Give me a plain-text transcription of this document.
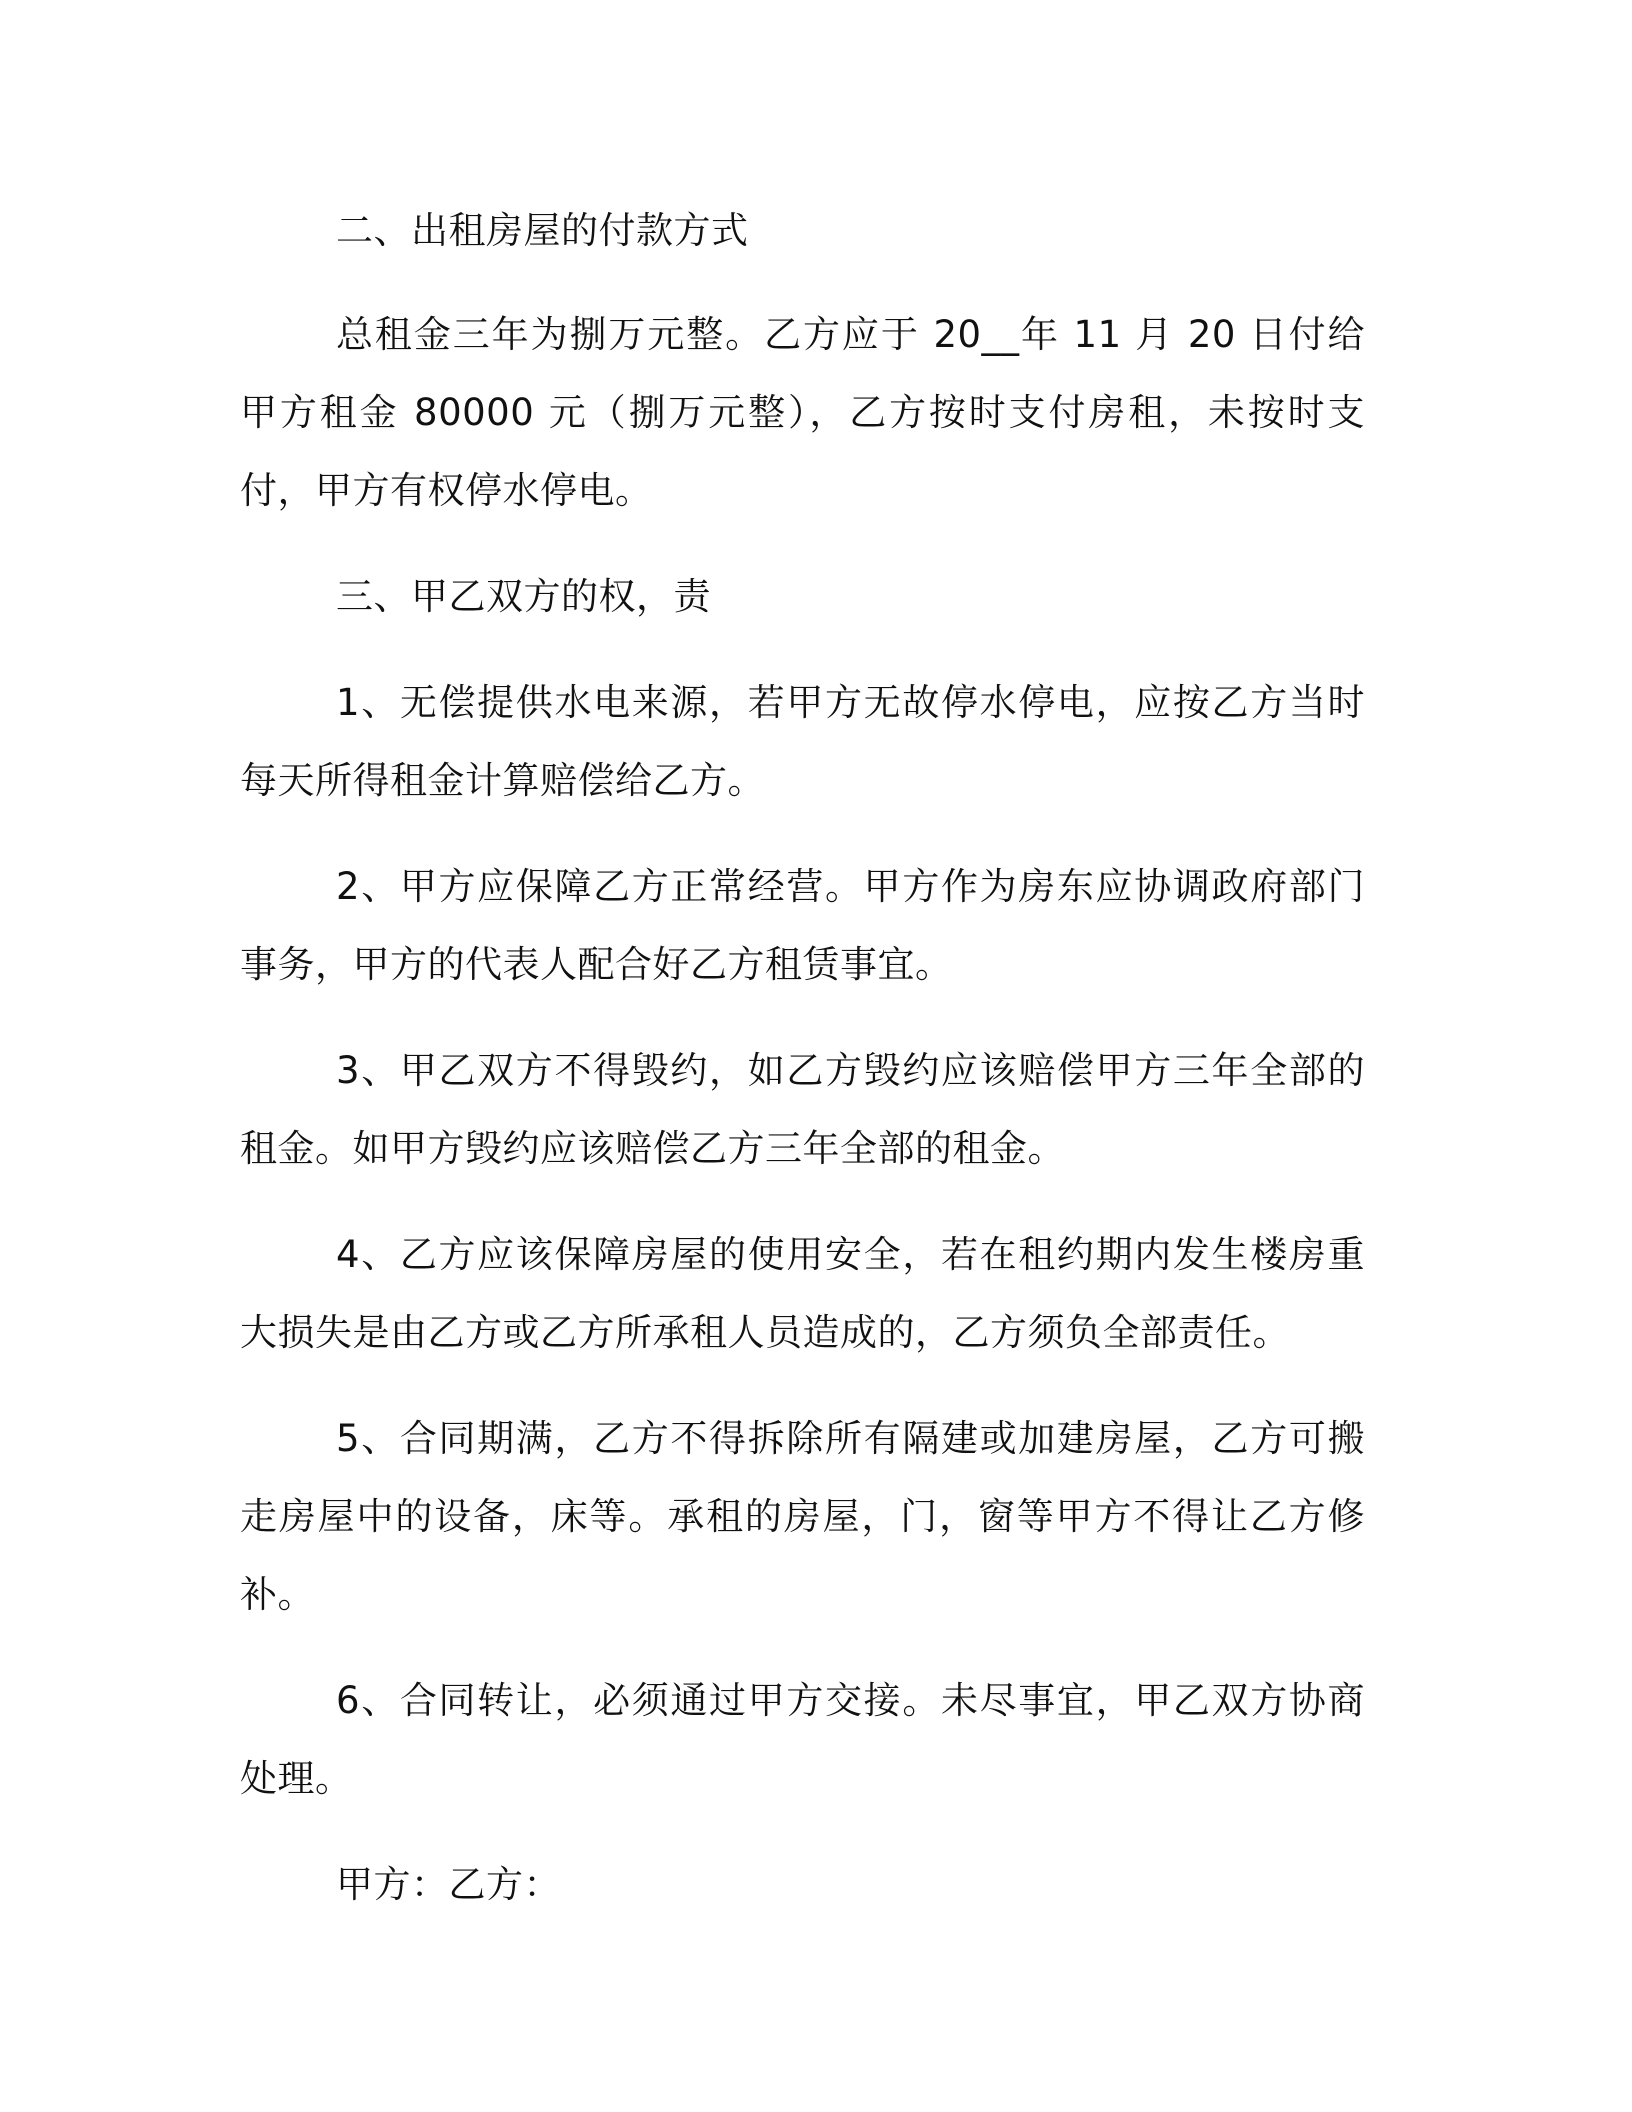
二、出租房屋的付款方式

总租金三年为捌万元整。乙方应于 20__年 11 月 20 日付给甲方租金 80000 元（捌万元整），乙方按时支付房租，未按时支付，甲方有权停水停电。

三、甲乙双方的权，责

1、无偿提供水电来源，若甲方无故停水停电，应按乙方当时每天所得租金计算赔偿给乙方。

2、甲方应保障乙方正常经营。甲方作为房东应协调政府部门事务，甲方的代表人配合好乙方租赁事宜。

3、甲乙双方不得毁约，如乙方毁约应该赔偿甲方三年全部的租金。如甲方毁约应该赔偿乙方三年全部的租金。

4、乙方应该保障房屋的使用安全，若在租约期内发生楼房重大损失是由乙方或乙方所承租人员造成的，乙方须负全部责任。

5、合同期满，乙方不得拆除所有隔建或加建房屋，乙方可搬走房屋中的设备，床等。承租的房屋，门，窗等甲方不得让乙方修补。

6、合同转让，必须通过甲方交接。未尽事宜，甲乙双方协商处理。

甲方：乙方：
